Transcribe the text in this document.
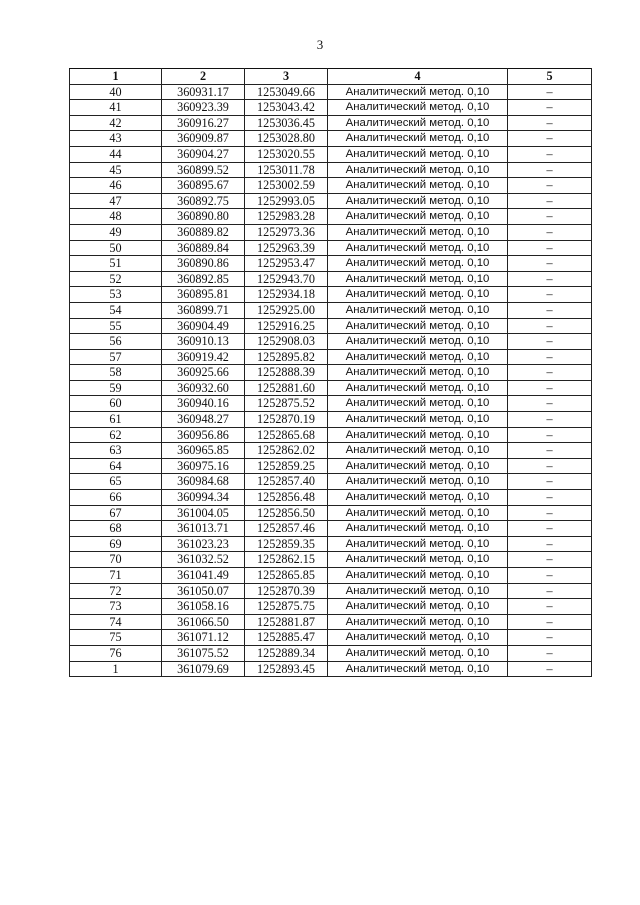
3
1	2	3	4	5
40	360931.17	1253049.66	Аналитический метод. 0,10	–
41	360923.39	1253043.42	Аналитический метод. 0,10	–
42	360916.27	1253036.45	Аналитический метод. 0,10	–
43	360909.87	1253028.80	Аналитический метод. 0,10	–
44	360904.27	1253020.55	Аналитический метод. 0,10	–
45	360899.52	1253011.78	Аналитический метод. 0,10	–
46	360895.67	1253002.59	Аналитический метод. 0,10	–
47	360892.75	1252993.05	Аналитический метод. 0,10	–
48	360890.80	1252983.28	Аналитический метод. 0,10	–
49	360889.82	1252973.36	Аналитический метод. 0,10	–
50	360889.84	1252963.39	Аналитический метод. 0,10	–
51	360890.86	1252953.47	Аналитический метод. 0,10	–
52	360892.85	1252943.70	Аналитический метод. 0,10	–
53	360895.81	1252934.18	Аналитический метод. 0,10	–
54	360899.71	1252925.00	Аналитический метод. 0,10	–
55	360904.49	1252916.25	Аналитический метод. 0,10	–
56	360910.13	1252908.03	Аналитический метод. 0,10	–
57	360919.42	1252895.82	Аналитический метод. 0,10	–
58	360925.66	1252888.39	Аналитический метод. 0,10	–
59	360932.60	1252881.60	Аналитический метод. 0,10	–
60	360940.16	1252875.52	Аналитический метод. 0,10	–
61	360948.27	1252870.19	Аналитический метод. 0,10	–
62	360956.86	1252865.68	Аналитический метод. 0,10	–
63	360965.85	1252862.02	Аналитический метод. 0,10	–
64	360975.16	1252859.25	Аналитический метод. 0,10	–
65	360984.68	1252857.40	Аналитический метод. 0,10	–
66	360994.34	1252856.48	Аналитический метод. 0,10	–
67	361004.05	1252856.50	Аналитический метод. 0,10	–
68	361013.71	1252857.46	Аналитический метод. 0,10	–
69	361023.23	1252859.35	Аналитический метод. 0,10	–
70	361032.52	1252862.15	Аналитический метод. 0,10	–
71	361041.49	1252865.85	Аналитический метод. 0,10	–
72	361050.07	1252870.39	Аналитический метод. 0,10	–
73	361058.16	1252875.75	Аналитический метод. 0,10	–
74	361066.50	1252881.87	Аналитический метод. 0,10	–
75	361071.12	1252885.47	Аналитический метод. 0,10	–
76	361075.52	1252889.34	Аналитический метод. 0,10	–
1	361079.69	1252893.45	Аналитический метод. 0,10	–
